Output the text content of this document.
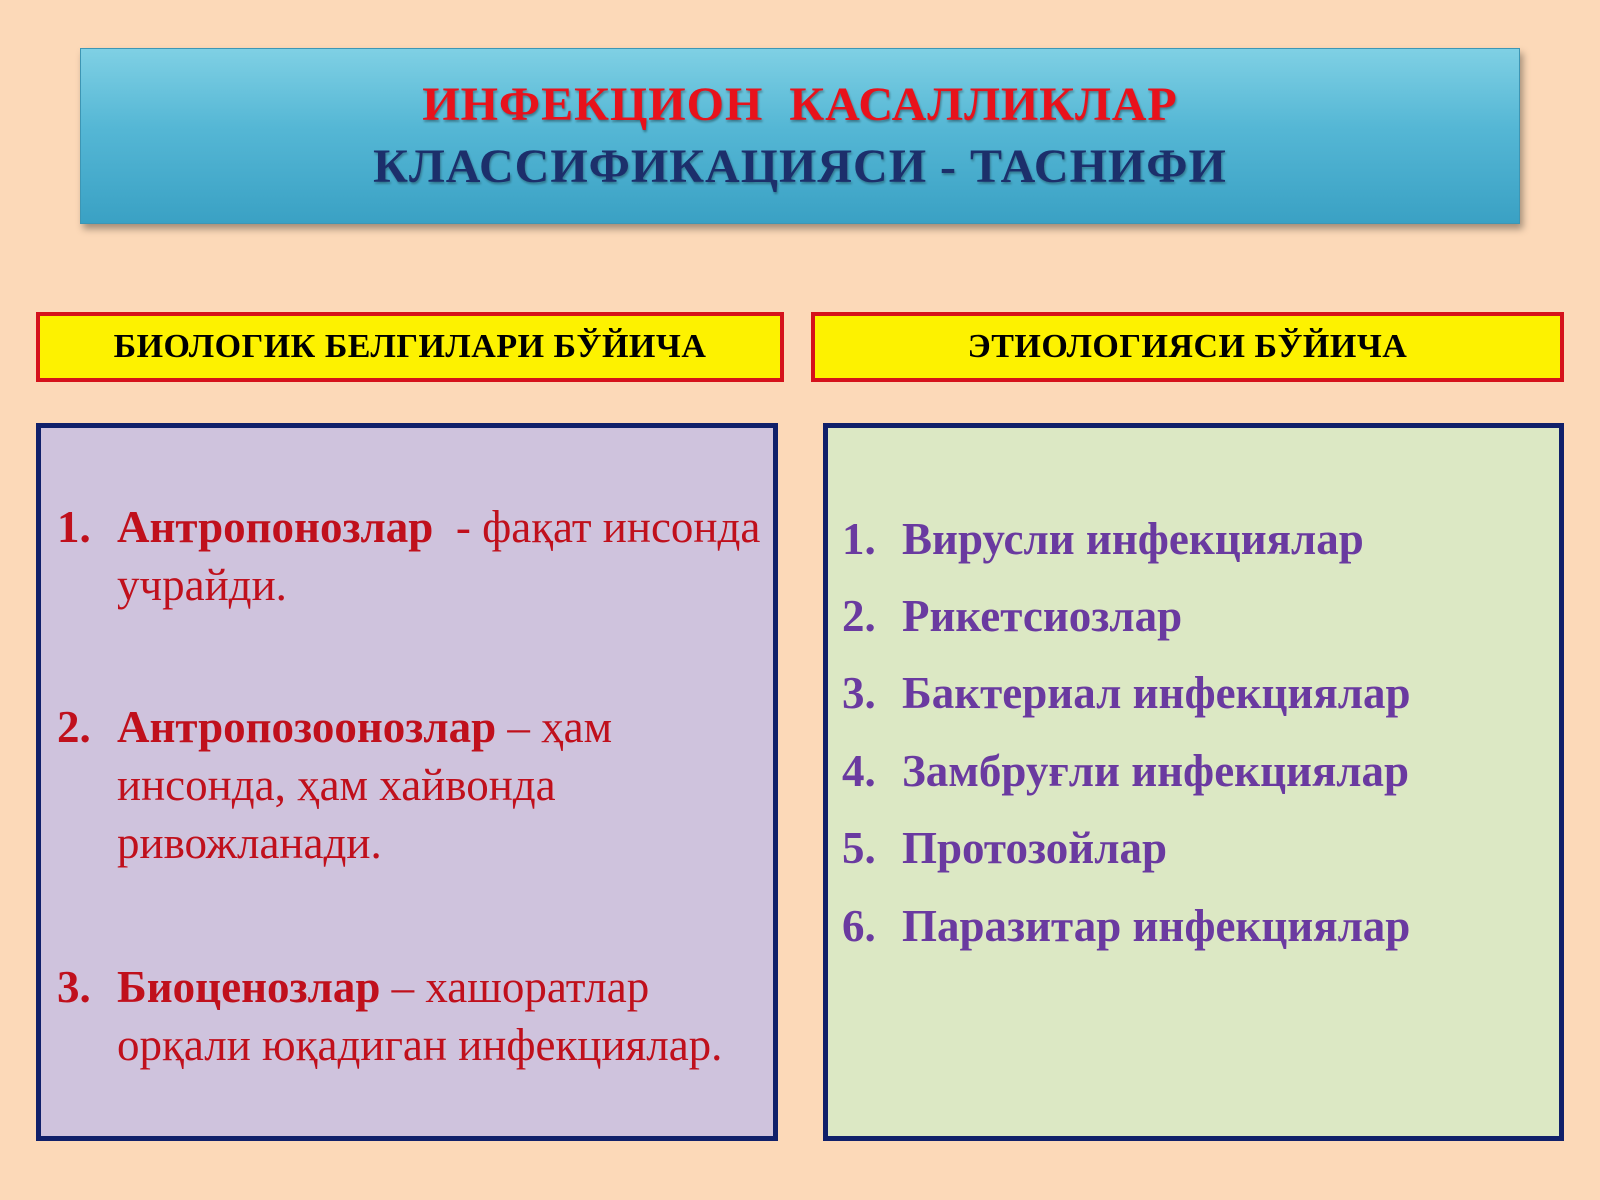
ИНФЕКЦИОН  КАСАЛЛИКЛАР
КЛАССИФИКАЦИЯСИ - ТАСНИФИ
БИОЛОГИК БЕЛГИЛАРИ БЎЙИЧА	ЭТИОЛОГИЯСИ БЎЙИЧА
1. Антропонозлар  - фақат инсонда учрайди.
2. Антропозоонозлар – ҳам инсонда, ҳам хайвонда ривожланади.
3. Биоценозлар – хашоратлар орқали юқадиган инфекциялар.
1. Вирусли инфекциялар
2. Рикетсиозлар
3. Бактериал инфекциялар
4. Замбруғли инфекциялар
5. Протозойлар
6. Паразитар инфекциялар
